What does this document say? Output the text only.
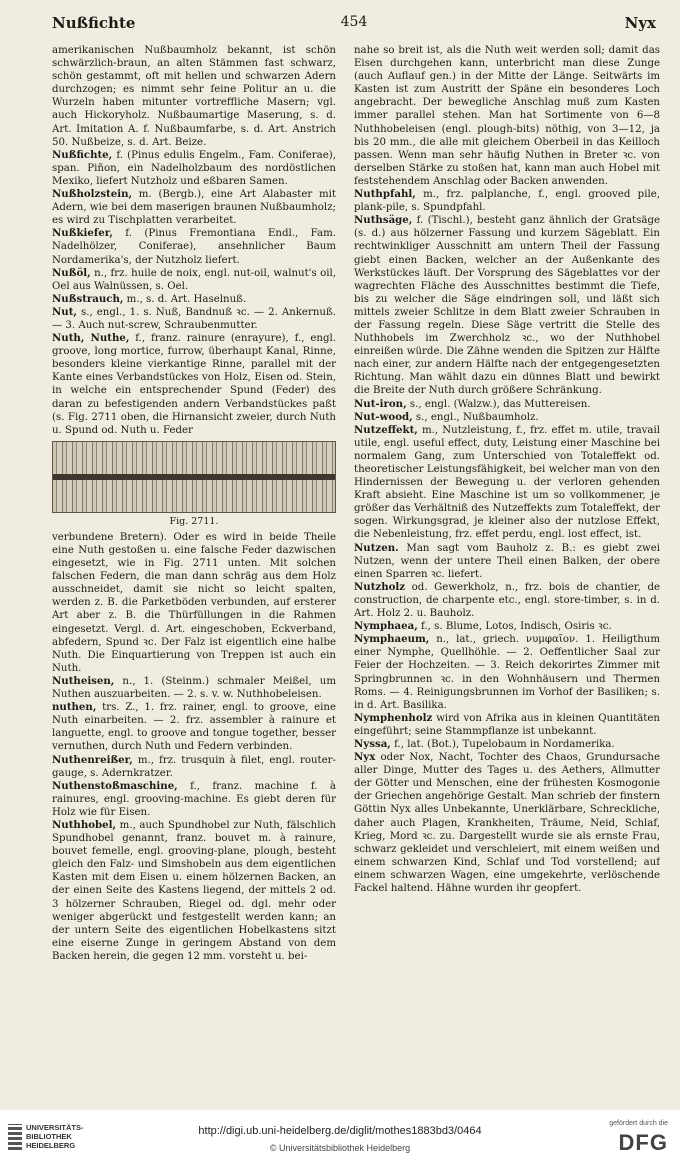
Nußfichte	454	Nyx

amerikanischen Nußbaumholz bekannt, ist schön schwärzlich-braun, an alten Stämmen fast schwarz, schön gestammt, oft mit hellen und schwarzen Adern durchzogen; es nimmt sehr feine Politur an u. die Wurzeln haben mitunter vortreffliche Masern; vgl. auch Hickoryholz. Nußbaumartige Maserung, s. d. Art. Imitation A. f. Nußbaumfarbe, s. d. Art. Anstrich 50. Nußbeize, s. d. Art. Beize.

Nußfichte, f. (Pinus edulis Engelm., Fam. Coniferae), span. Piñon, ein Nadelholzbaum des nordöstlichen Mexiko, liefert Nutzholz und eßbaren Samen.

Nußholzstein, m. (Bergb.), eine Art Alabaster mit Adern, wie bei dem maserigen braunen Nußbaumholz; es wird zu Tischplatten verarbeitet.

Nußkiefer, f. (Pinus Fremontiana Endl., Fam. Nadelhölzer, Coniferae), ansehnlicher Baum Nordamerika's, der Nutzholz liefert.

Nußöl, n., frz. huile de noix, engl. nut-oil, walnut's oil, Oel aus Walnüssen, s. Oel.

Nußstrauch, m., s. d. Art. Haselnuß.

Nut, s., engl., 1. s. Nuß, Bandnuß ꝛc. — 2. Ankernuß. — 3. Auch nut-screw, Schraubenmutter.

Nuth, Nuthe, f., franz. rainure (enrayure), f., engl. groove, long mortice, furrow, überhaupt Kanal, Rinne, besonders kleine vierkantige Rinne, parallel mit der Kante eines Verbandstückes von Holz, Eisen od. Stein, in welche ein entsprechender Spund (Feder) des daran zu befestigenden andern Verbandstückes paßt (s. Fig. 2711 oben, die Hirnansicht zweier, durch Nuth u. Spund od. Nuth u. Feder

Fig. 2711.

verbundene Bretern). Oder es wird in beide Theile eine Nuth gestoßen u. eine falsche Feder dazwischen eingesetzt, wie in Fig. 2711 unten. Mit solchen falschen Federn, die man dann schräg aus dem Holz ausschneidet, damit sie nicht so leicht spalten, werden z. B. die Parketböden verbunden, auf ersterer Art aber z. B. die Thürfüllungen in die Rahmen eingesetzt. Vergl. d. Art. eingeschoben, Eckverband, abfedern, Spund ꝛc. Der Falz ist eigentlich eine halbe Nuth. Die Einquartierung von Treppen ist auch ein Nuth.

Nutheisen, n., 1. (Steinm.) schmaler Meißel, um Nuthen auszuarbeiten. — 2. s. v. w. Nuthhobeleisen.

nuthen, trs. Z., 1. frz. rainer, engl. to groove, eine Nuth einarbeiten. — 2. frz. assembler à rainure et languette, engl. to groove and tongue together, besser vernuthen, durch Nuth und Federn verbinden.

Nuthenreißer, m., frz. trusquin à filet, engl. router-gauge, s. Adernkratzer.

Nuthenstoßmaschine, f., franz. machine f. à rainures, engl. grooving-machine. Es giebt deren für Holz wie für Eisen.

Nuthhobel, m., auch Spundhobel zur Nuth, fälschlich Spundhobel genannt, franz. bouvet m. à rainure, bouvet femelle, engl. grooving-plane, plough, besteht gleich den Falz- und Simshobeln aus dem eigentlichen Kasten mit dem Eisen u. einem hölzernen Backen, an der einen Seite des Kastens liegend, der mittels 2 od. 3 hölzerner Schrauben, Riegel od. dgl. mehr oder weniger abgerückt und festgestellt werden kann; an der untern Seite des eigentlichen Hobelkastens sitzt eine eiserne Zunge in geringem Abstand von dem Backen herein, die gegen 12 mm. vorsteht u. bei-

nahe so breit ist, als die Nuth weit werden soll; damit das Eisen durchgehen kann, unterbricht man diese Zunge (auch Auflauf gen.) in der Mitte der Länge. Seitwärts im Kasten ist zum Austritt der Späne ein besonderes Loch angebracht. Der bewegliche Anschlag muß zum Kasten immer parallel stehen. Man hat Sortimente von 6—8 Nuthhobeleisen (engl. plough-bits) nöthig, von 3—12, ja bis 20 mm., die alle mit gleichem Oberbeil in das Keilloch passen. Wenn man sehr häufig Nuthen in Breter ꝛc. von derselben Stärke zu stoßen hat, kann man auch Hobel mit feststehendem Anschlag oder Backen anwenden.

Nuthpfahl, m., frz. palplanche, f., engl. grooved pile, plank-pile, s. Spundpfahl.

Nuthsäge, f. (Tischl.), besteht ganz ähnlich der Gratsäge (s. d.) aus hölzerner Fassung und kurzem Sägeblatt. Ein rechtwinkliger Ausschnitt am untern Theil der Fassung giebt einen Backen, welcher an der Außenkante des Werkstückes läuft. Der Vorsprung des Sägeblattes vor der wagrechten Fläche des Ausschnittes bestimmt die Tiefe, bis zu welcher die Säge eindringen soll, und läßt sich mittels zweier Schlitze in dem Blatt zweier Schrauben in der Fassung regeln. Diese Säge vertritt die Stelle des Nuthhobels im Zwerchholz ꝛc., wo der Nuthhobel einreißen würde. Die Zähne wenden die Spitzen zur Hälfte nach einer, zur andern Hälfte nach der entgegengesetzten Richtung. Man wählt dazu ein dünnes Blatt und bewirkt die Breite der Nuth durch größere Schränkung.

Nut-iron, s., engl. (Walzw.), das Muttereisen.

Nut-wood, s., engl., Nußbaumholz.

Nutzeffekt, m., Nutzleistung, f., frz. effet m. utile, travail utile, engl. useful effect, duty, Leistung einer Maschine bei normalem Gang, zum Unterschied von Totaleffekt od. theoretischer Leistungsfähigkeit, bei welcher man von den Hindernissen der Bewegung u. der verloren gehenden Kraft absieht. Eine Maschine ist um so vollkommener, je größer das Verhältniß des Nutzeffekts zum Totaleffekt, der sogen. Wirkungsgrad, je kleiner also der nutzlose Effekt, die Nebenleistung, frz. effet perdu, engl. lost effect, ist.

Nutzen. Man sagt vom Bauholz z. B.: es giebt zwei Nutzen, wenn der untere Theil einen Balken, der obere einen Sparren ꝛc. liefert.

Nutzholz od. Gewerkholz, n., frz. bois de chantier, de construction, de charpente etc., engl. store-timber, s. in d. Art. Holz 2. u. Bauholz.

Nymphaea, f., s. Blume, Lotos, Indisch, Osiris ꝛc.

Nymphaeum, n., lat., griech. νυμφαῖον. 1. Heiligthum einer Nymphe, Quellhöhle. — 2. Oeffentlicher Saal zur Feier der Hochzeiten. — 3. Reich dekorirtes Zimmer mit Springbrunnen ꝛc. in den Wohnhäusern und Thermen Roms. — 4. Reinigungsbrunnen im Vorhof der Basiliken; s. in d. Art. Basilika.

Nymphenholz wird von Afrika aus in kleinen Quantitäten eingeführt; seine Stammpflanze ist unbekannt.

Nyssa, f., lat. (Bot.), Tupelobaum in Nordamerika.

Nyx oder Nox, Nacht, Tochter des Chaos, Grundursache aller Dinge, Mutter des Tages u. des Aethers, Allmutter der Götter und Menschen, eine der frühesten Kosmogonie der Griechen angehörige Gestalt. Man schrieb der finstern Göttin Nyx alles Unbekannte, Unerklärbare, Schreckliche, daher auch Plagen, Krankheiten, Träume, Neid, Schlaf, Krieg, Mord ꝛc. zu. Dargestellt wurde sie als ernste Frau, schwarz gekleidet und verschleiert, mit einem weißen und einem schwarzen Kind, Schlaf und Tod vorstellend; auf einem schwarzen Wagen, eine umgekehrte, verlöschende Fackel haltend. Hähne wurden ihr geopfert.

UNIVERSITÄTS-
BIBLIOTHEK
HEIDELBERG
http://digi.ub.uni-heidelberg.de/diglit/mothes1883bd3/0464
© Universitätsbibliothek Heidelberg
gefördert durch die
DFG
